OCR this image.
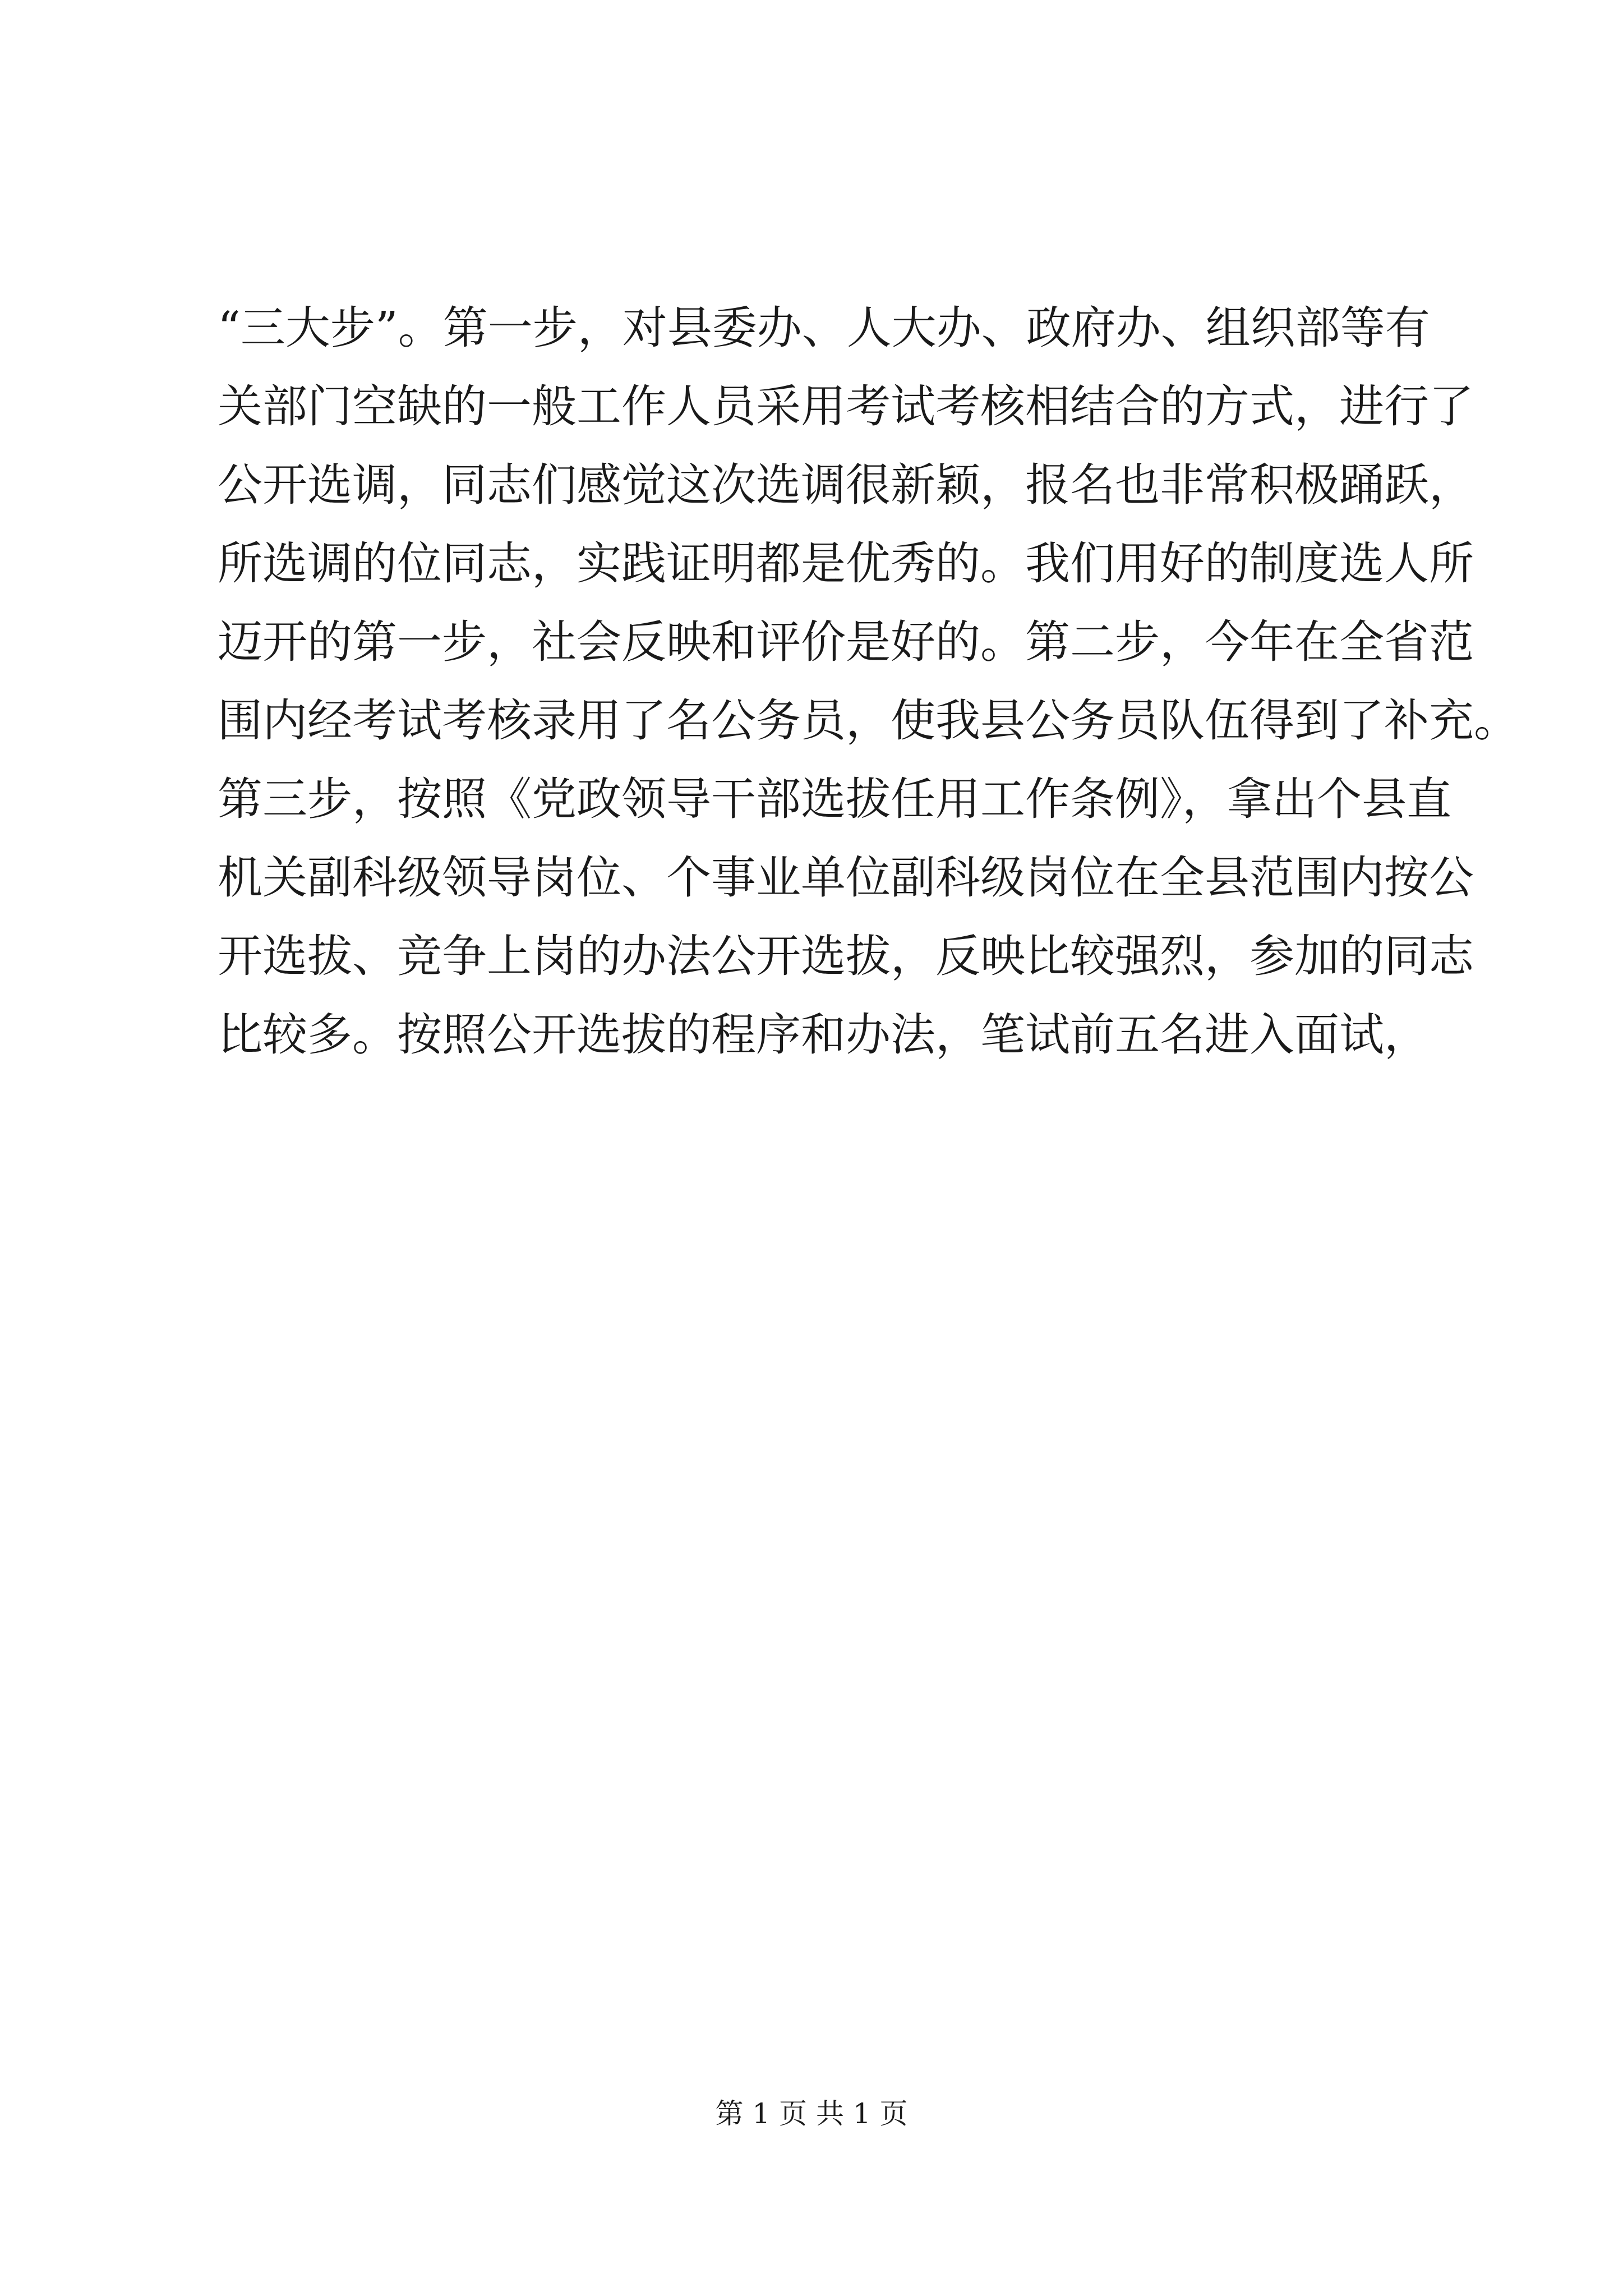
“三大步”。第一步，对县委办、人大办、政府办、组织部等有
关部门空缺的一般工作人员采用考试考核相结合的方式，进行了
公开选调，同志们感觉这次选调很新颖，报名也非常积极踊跃，
所选调的位同志，实践证明都是优秀的。我们用好的制度选人所
迈开的第一步，社会反映和评价是好的。第二步，今年在全省范
围内经考试考核录用了名公务员，使我县公务员队伍得到了补充。
第三步，按照《党政领导干部选拔任用工作条例》，拿出个县直
机关副科级领导岗位、个事业单位副科级岗位在全县范围内按公
开选拔、竞争上岗的办法公开选拔，反映比较强烈，参加的同志
比较多。按照公开选拔的程序和办法，笔试前五名进入面试，
第 1 页 共 1 页
